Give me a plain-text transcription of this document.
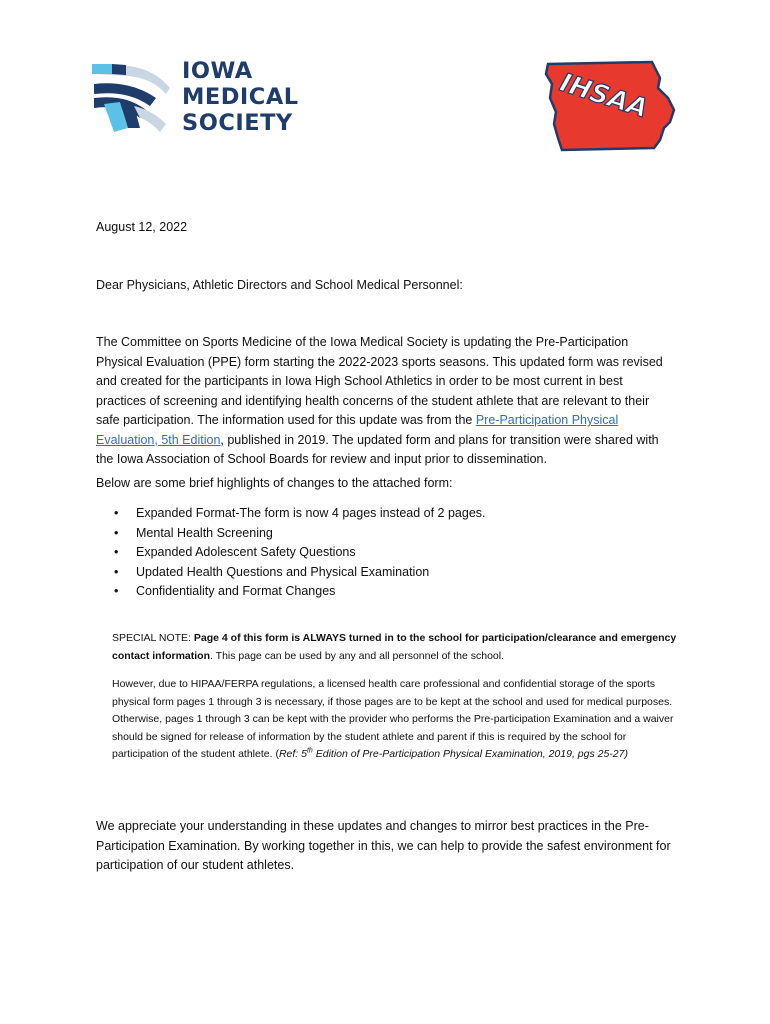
IOWA
MEDICAL
SOCIETY	IHSAA
August 12, 2022
Dear Physicians, Athletic Directors and School Medical Personnel:
The Committee on Sports Medicine of the Iowa Medical Society is updating the Pre-Participation Physical Evaluation (PPE) form starting the 2022-2023 sports seasons. This updated form was revised and created for the participants in Iowa High School Athletics in order to be most current in best practices of screening and identifying health concerns of the student athlete that are relevant to their safe participation. The information used for this update was from the Pre-Participation Physical Evaluation, 5th Edition, published in 2019. The updated form and plans for transition were shared with the Iowa Association of School Boards for review and input prior to dissemination.
Below are some brief highlights of changes to the attached form:
• Expanded Format-The form is now 4 pages instead of 2 pages.
• Mental Health Screening
• Expanded Adolescent Safety Questions
• Updated Health Questions and Physical Examination
• Confidentiality and Format Changes
SPECIAL NOTE: Page 4 of this form is ALWAYS turned in to the school for participation/clearance and emergency contact information. This page can be used by any and all personnel of the school.
However, due to HIPAA/FERPA regulations, a licensed health care professional and confidential storage of the sports physical form pages 1 through 3 is necessary, if those pages are to be kept at the school and used for medical purposes. Otherwise, pages 1 through 3 can be kept with the provider who performs the Pre-participation Examination and a waiver should be signed for release of information by the student athlete and parent if this is required by the school for participation of the student athlete. (Ref: 5th Edition of Pre-Participation Physical Examination, 2019, pgs 25-27)
We appreciate your understanding in these updates and changes to mirror best practices in the Pre-Participation Examination. By working together in this, we can help to provide the safest environment for participation of our student athletes.
